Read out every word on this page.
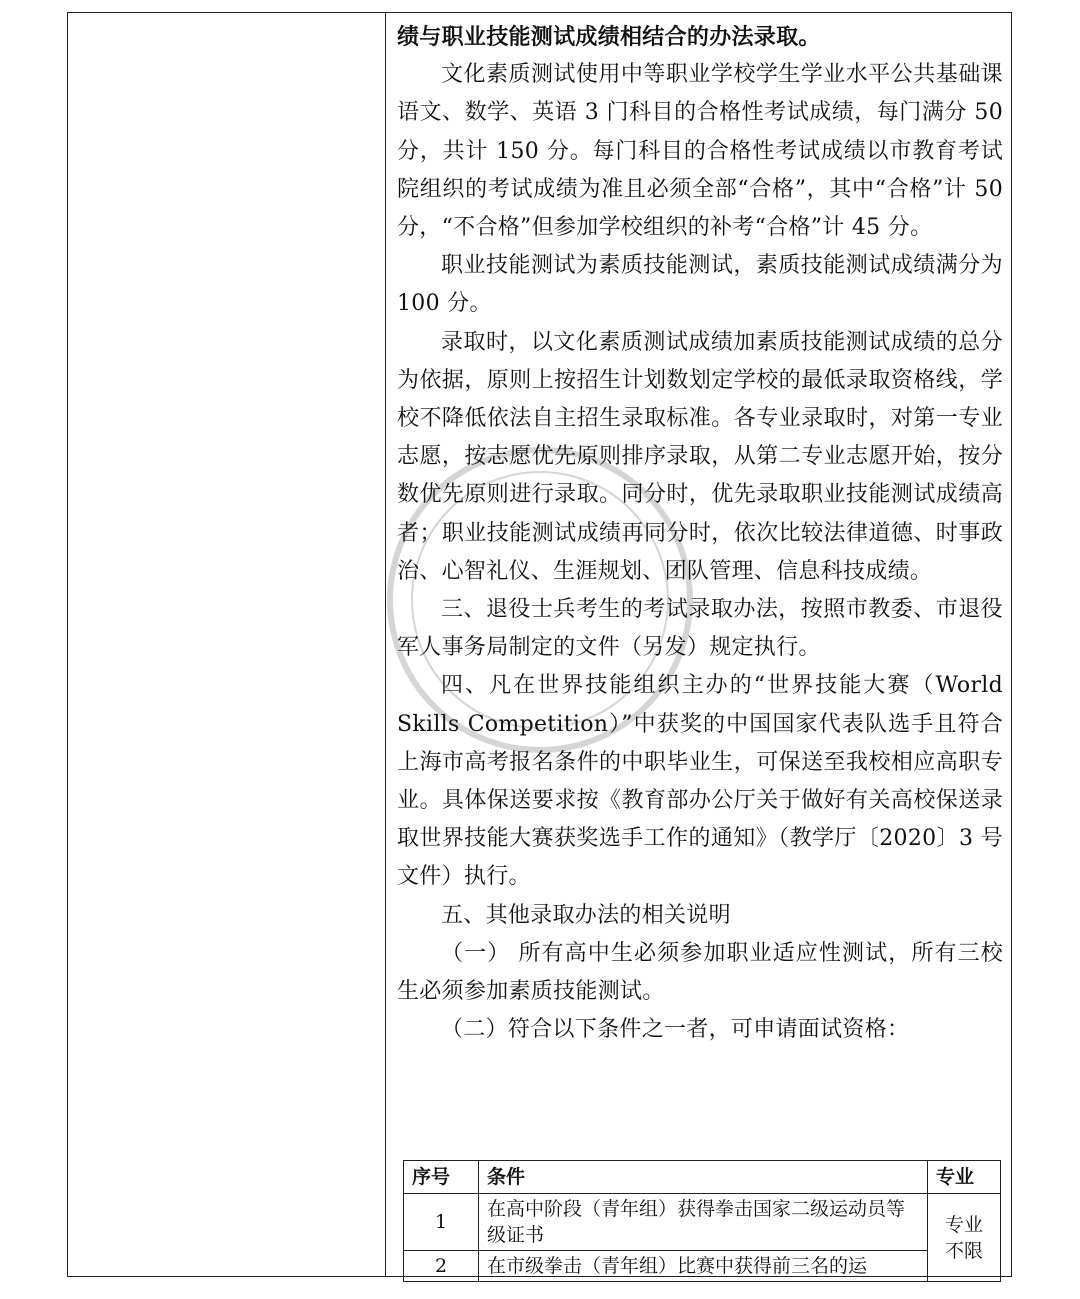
绩与职业技能测试成绩相结合的办法录取。

文化素质测试使用中等职业学校学生学业水平公共基础课语文、数学、英语 3 门科目的合格性考试成绩，每门满分 50 分，共计 150 分。每门科目的合格性考试成绩以市教育考试院组织的考试成绩为准且必须全部“合格”，其中“合格”计 50 分，“不合格”但参加学校组织的补考“合格”计 45 分。

职业技能测试为素质技能测试，素质技能测试成绩满分为 100 分。

录取时，以文化素质测试成绩加素质技能测试成绩的总分为依据，原则上按招生计划数划定学校的最低录取资格线，学校不降低依法自主招生录取标准。各专业录取时，对第一专业志愿，按志愿优先原则排序录取，从第二专业志愿开始，按分数优先原则进行录取。同分时，优先录取职业技能测试成绩高者；职业技能测试成绩再同分时，依次比较法律道德、时事政治、心智礼仪、生涯规划、团队管理、信息科技成绩。

三、退役士兵考生的考试录取办法，按照市教委、市退役军人事务局制定的文件（另发）规定执行。

四、凡在世界技能组织主办的“世界技能大赛（World Skills Competition）”中获奖的中国国家代表队选手且符合上海市高考报名条件的中职毕业生，可保送至我校相应高职专业。具体保送要求按《教育部办公厅关于做好有关高校保送录取世界技能大赛获奖选手工作的通知》（教学厅〔2020〕3 号文件）执行。

五、其他录取办法的相关说明

（一） 所有高中生必须参加职业适应性测试，所有三校生必须参加素质技能测试。

（二）符合以下条件之一者，可申请面试资格：

序号	条件	专业
1	在高中阶段（青年组）获得拳击国家二级运动员等级证书	专业不限
2	在市级拳击（青年组）比赛中获得前三名的运	
